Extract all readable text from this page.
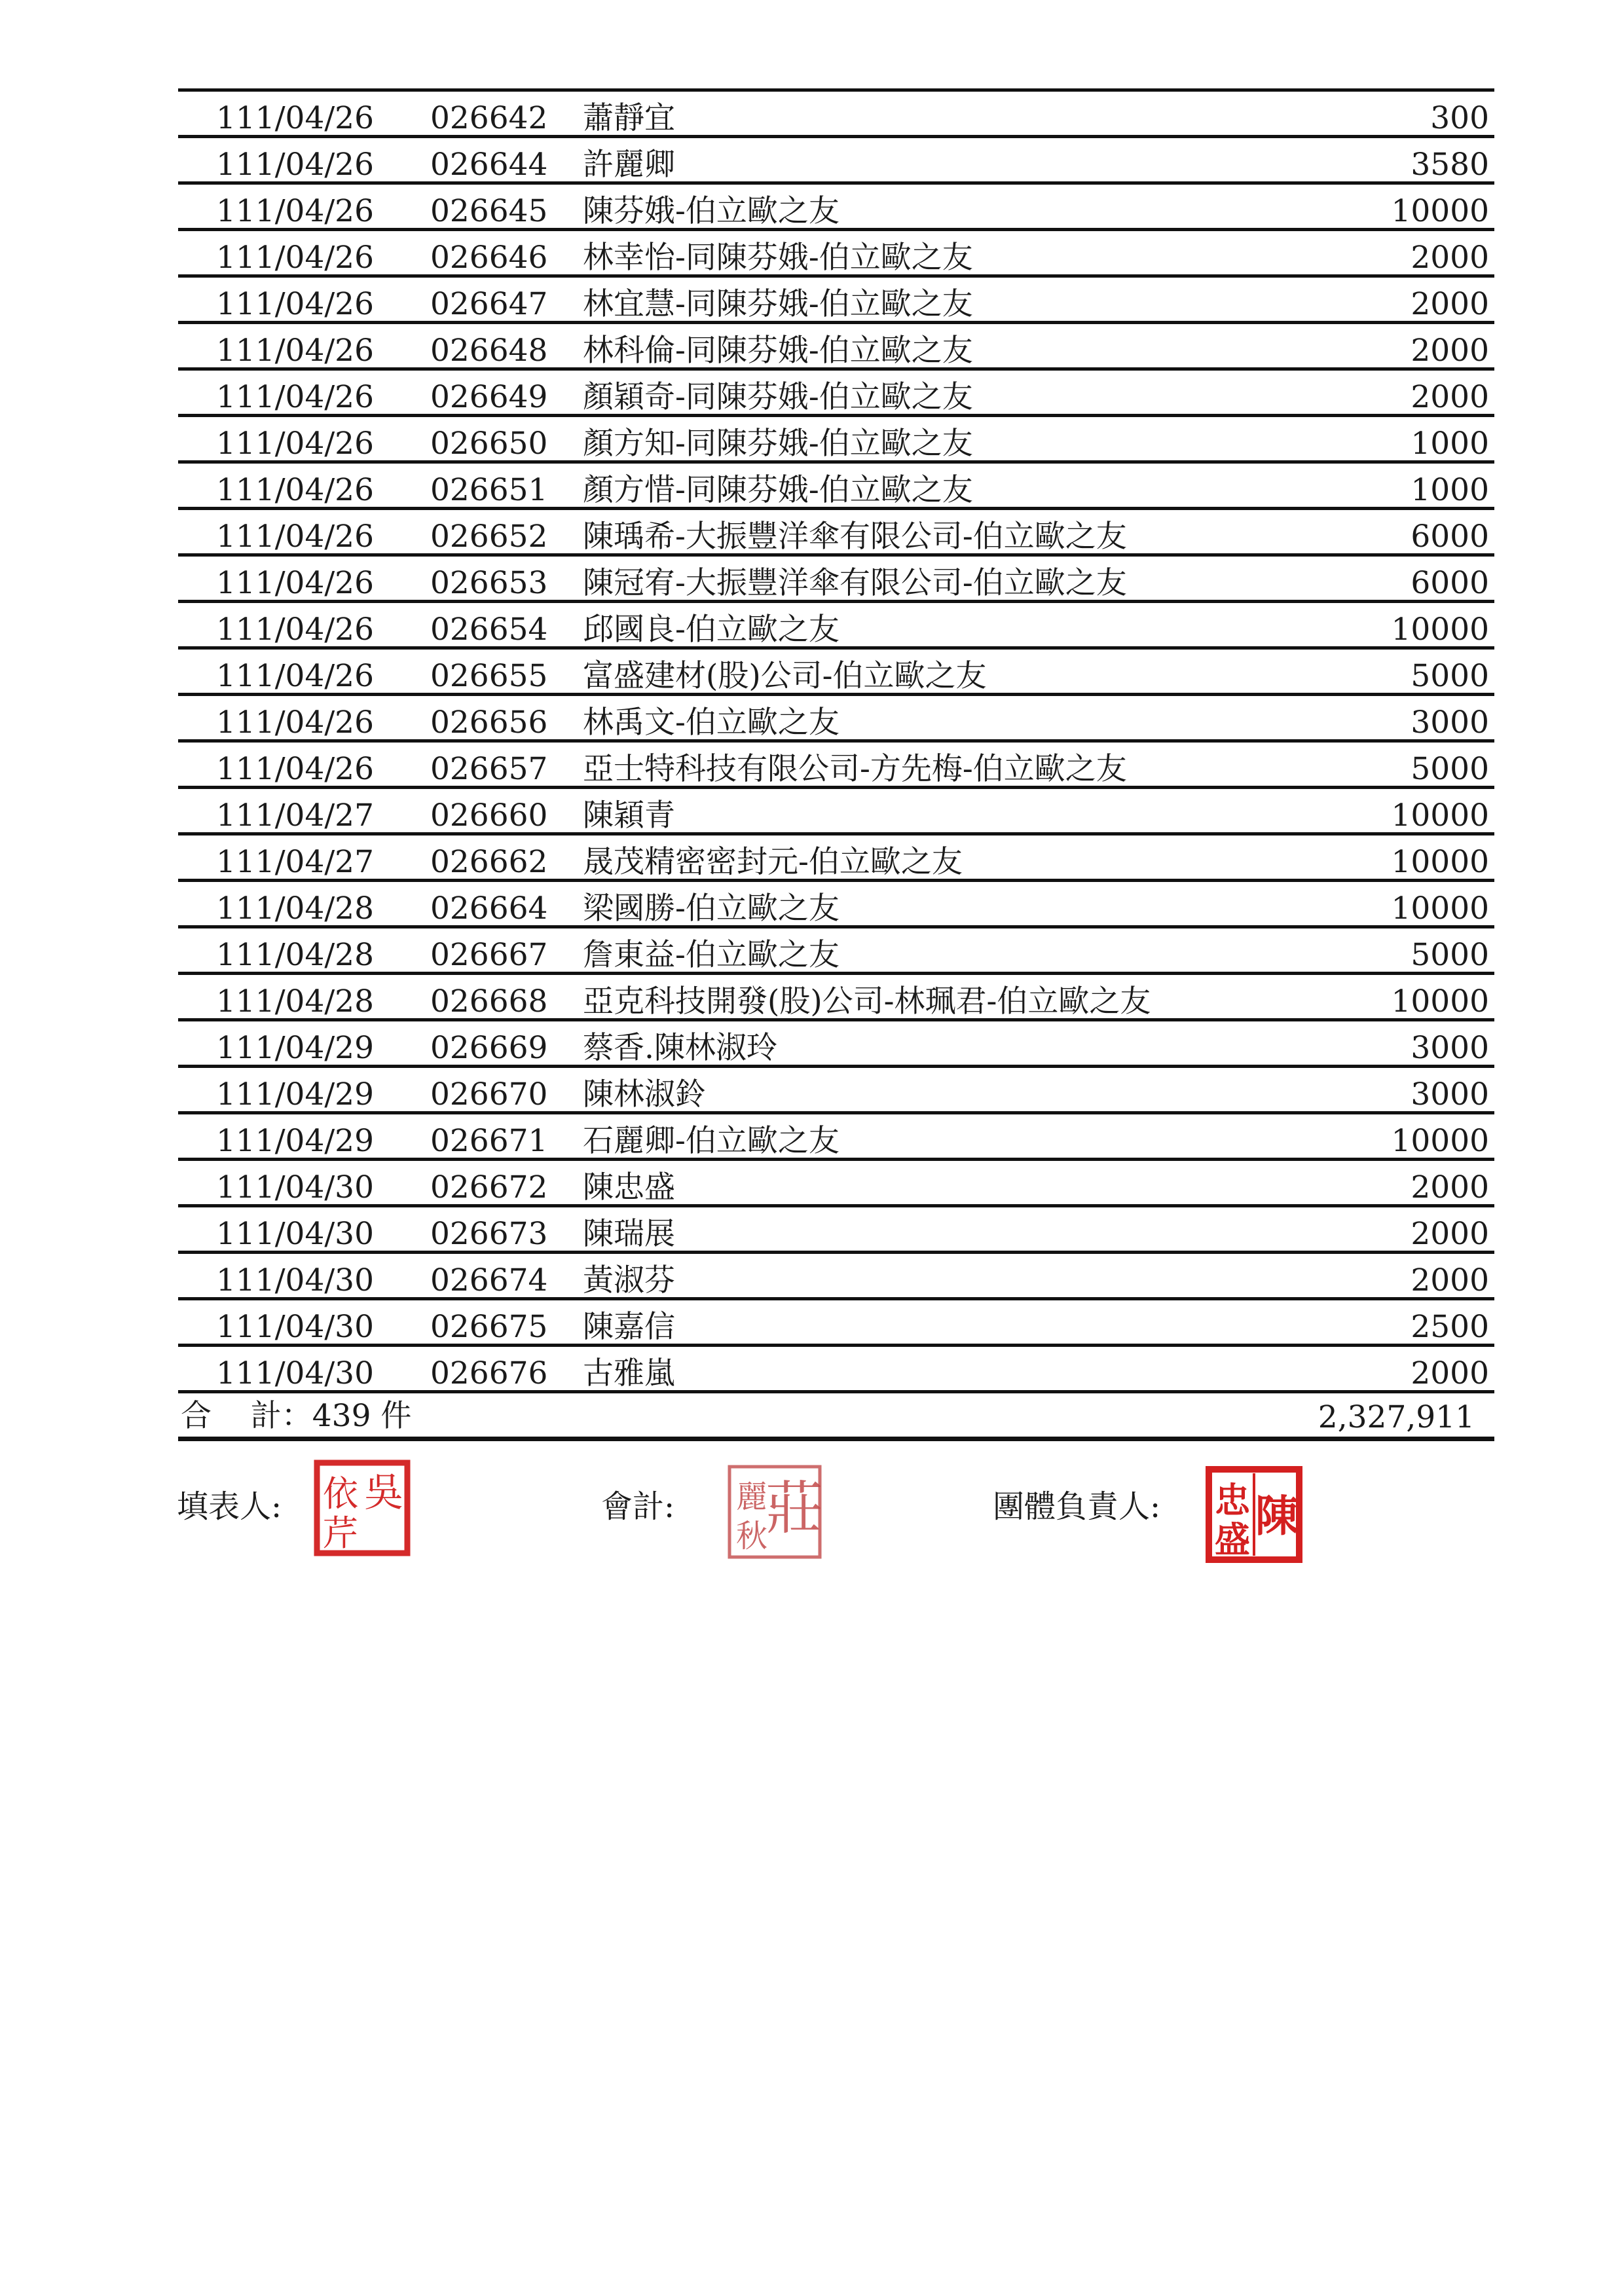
111/04/26 026642 蕭靜宜	300
111/04/26 026644 許麗卿	3580
111/04/26 026645 陳芬娥-伯立歐之友	10000
111/04/26 026646 林幸怡-同陳芬娥-伯立歐之友	2000
111/04/26 026647 林宜慧-同陳芬娥-伯立歐之友	2000
111/04/26 026648 林科倫-同陳芬娥-伯立歐之友	2000
111/04/26 026649 顏穎奇-同陳芬娥-伯立歐之友	2000
111/04/26 026650 顏方知-同陳芬娥-伯立歐之友	1000
111/04/26 026651 顏方惜-同陳芬娥-伯立歐之友	1000
111/04/26 026652 陳瑀希-大振豐洋傘有限公司-伯立歐之友	6000
111/04/26 026653 陳冠宥-大振豐洋傘有限公司-伯立歐之友	6000
111/04/26 026654 邱國良-伯立歐之友	10000
111/04/26 026655 富盛建材(股)公司-伯立歐之友	5000
111/04/26 026656 林禹文-伯立歐之友	3000
111/04/26 026657 亞士特科技有限公司-方先梅-伯立歐之友	5000
111/04/27 026660 陳穎青	10000
111/04/27 026662 晟茂精密密封元-伯立歐之友	10000
111/04/28 026664 梁國勝-伯立歐之友	10000
111/04/28 026667 詹東益-伯立歐之友	5000
111/04/28 026668 亞克科技開發(股)公司-林珮君-伯立歐之友	10000
111/04/29 026669 蔡香.陳林淑玲	3000
111/04/29 026670 陳林淑鈴	3000
111/04/29 026671 石麗卿-伯立歐之友	10000
111/04/30 026672 陳忠盛	2000
111/04/30 026673 陳瑞展	2000
111/04/30 026674 黃淑芬	2000
111/04/30 026675 陳嘉信	2500
111/04/30 026676 古雅嵐	2000
合    計：439 件	2,327,911
填表人:	會計:	團體負責人:
吳
依
芹	莊
麗
秋	陳
忠
盛
